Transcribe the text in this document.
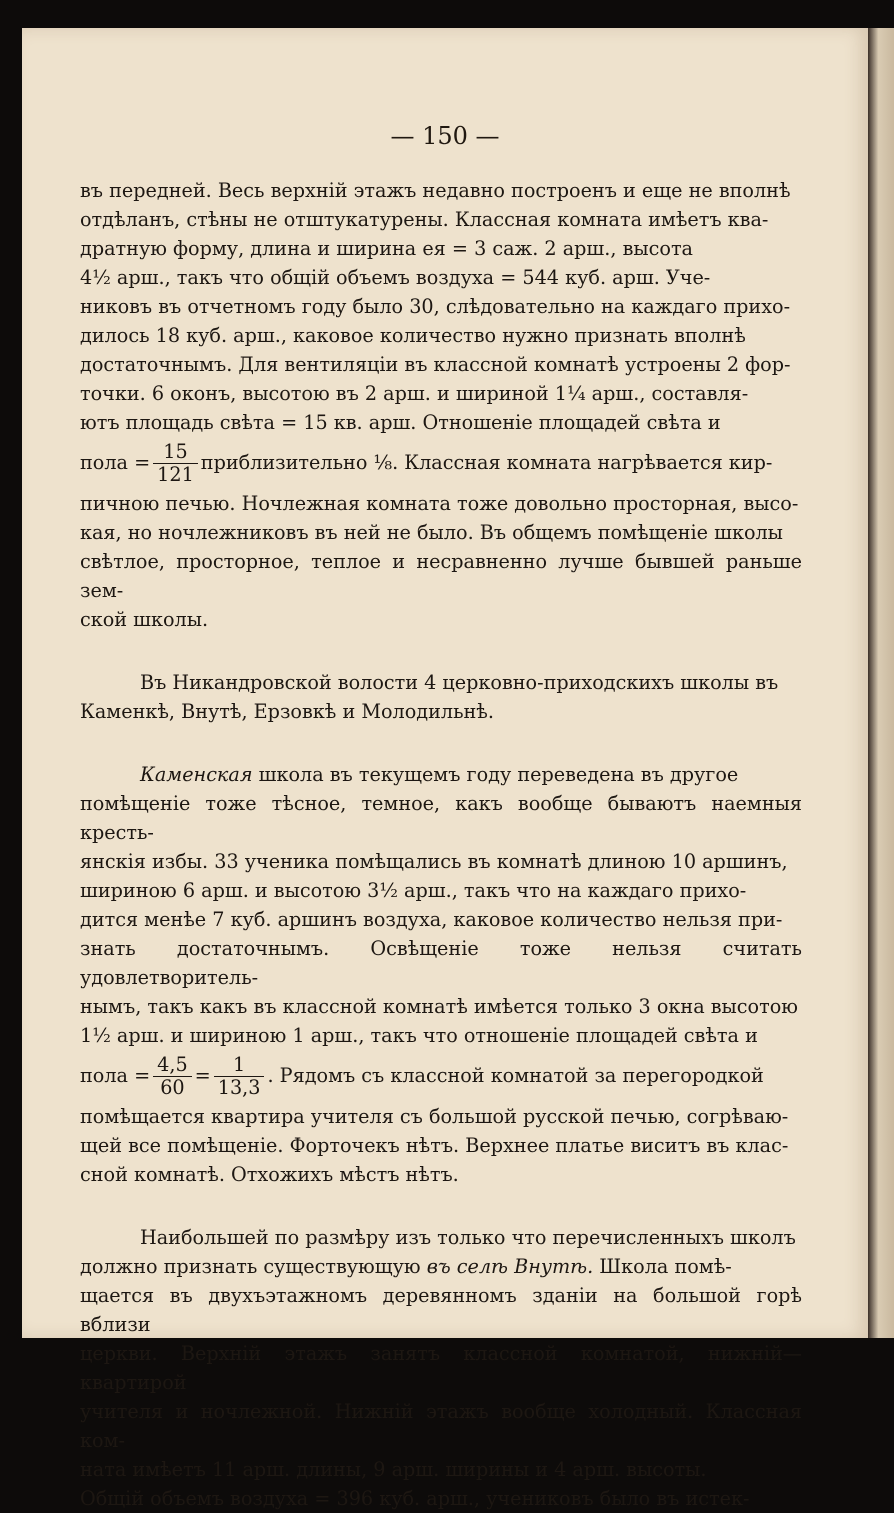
— 150 —

въ передней. Весь верхній этажъ недавно построенъ и еще не вполнѣ
отдѣланъ, стѣны не отштукатурены. Классная комната имѣетъ ква-
дратную форму, длина и ширина ея = 3 саж. 2 арш., высота
4½ арш., такъ что общій объемъ воздуха = 544 куб. арш. Уче-
никовъ въ отчетномъ году было 30, слѣдовательно на каждаго прихо-
дилось 18 куб. арш., каковое количество нужно признать вполнѣ
достаточнымъ. Для вентиляціи въ классной комнатѣ устроены 2 фор-
точки. 6 оконъ, высотою въ 2 арш. и шириной 1¼ арш., составля-
ютъ площадь свѣта = 15 кв. арш. Отношеніе площадей свѣта и
пола = $\frac{15}{121}$ приблизительно ⅛. Классная комната нагрѣвается кир-
пичною печью. Ночлежная комната тоже довольно просторная, высо-
кая, но ночлежниковъ въ ней не было. Въ общемъ помѣщеніе школы
свѣтлое, просторное, теплое и несравненно лучше бывшей раньше зем-
ской школы.

Въ Никандровской волости 4 церковно-приходскихъ школы въ
Каменкѣ, Внутѣ, Ерзовкѣ и Молодильнѣ.

Каменская школа въ текущемъ году переведена въ другое
помѣщеніе тоже тѣсное, темное, какъ вообще бываютъ наемныя кресть-
янскія избы. 33 ученика помѣщались въ комнатѣ длиною 10 аршинъ,
шириною 6 арш. и высотою 3½ арш., такъ что на каждаго прихо-
дится менѣе 7 куб. аршинъ воздуха, каковое количество нельзя при-
знать достаточнымъ. Освѣщеніе тоже нельзя считать удовлетворитель-
нымъ, такъ какъ въ классной комнатѣ имѣется только 3 окна высотою
1½ арш. и шириною 1 арш., такъ что отношеніе площадей свѣта и
пола = $\frac{4,5}{60} = \frac{1}{13,3}$ . Рядомъ съ классной комнатой за перегородкой
помѣщается квартира учителя съ большой русской печью, согрѣваю-
щей все помѣщеніе. Форточекъ нѣтъ. Верхнее платье виситъ въ клас-
сной комнатѣ. Отхожихъ мѣстъ нѣтъ.

Наибольшей по размѣру изъ только что перечисленныхъ школъ
должно признать существующую въ селѣ Внутѣ. Школа помѣ-
щается въ двухъэтажномъ деревянномъ зданіи на большой горѣ вблизи
церкви. Верхній этажъ занятъ классной комнатой, нижній—квартирой
учителя и ночлежной. Нижній этажъ вообще холодный. Классная ком-
ната имѣетъ 11 арш. длины, 9 арш. ширины и 4 арш. высоты.
Общій объемъ воздуха = 396 куб. арш., учениковъ было въ истек-
